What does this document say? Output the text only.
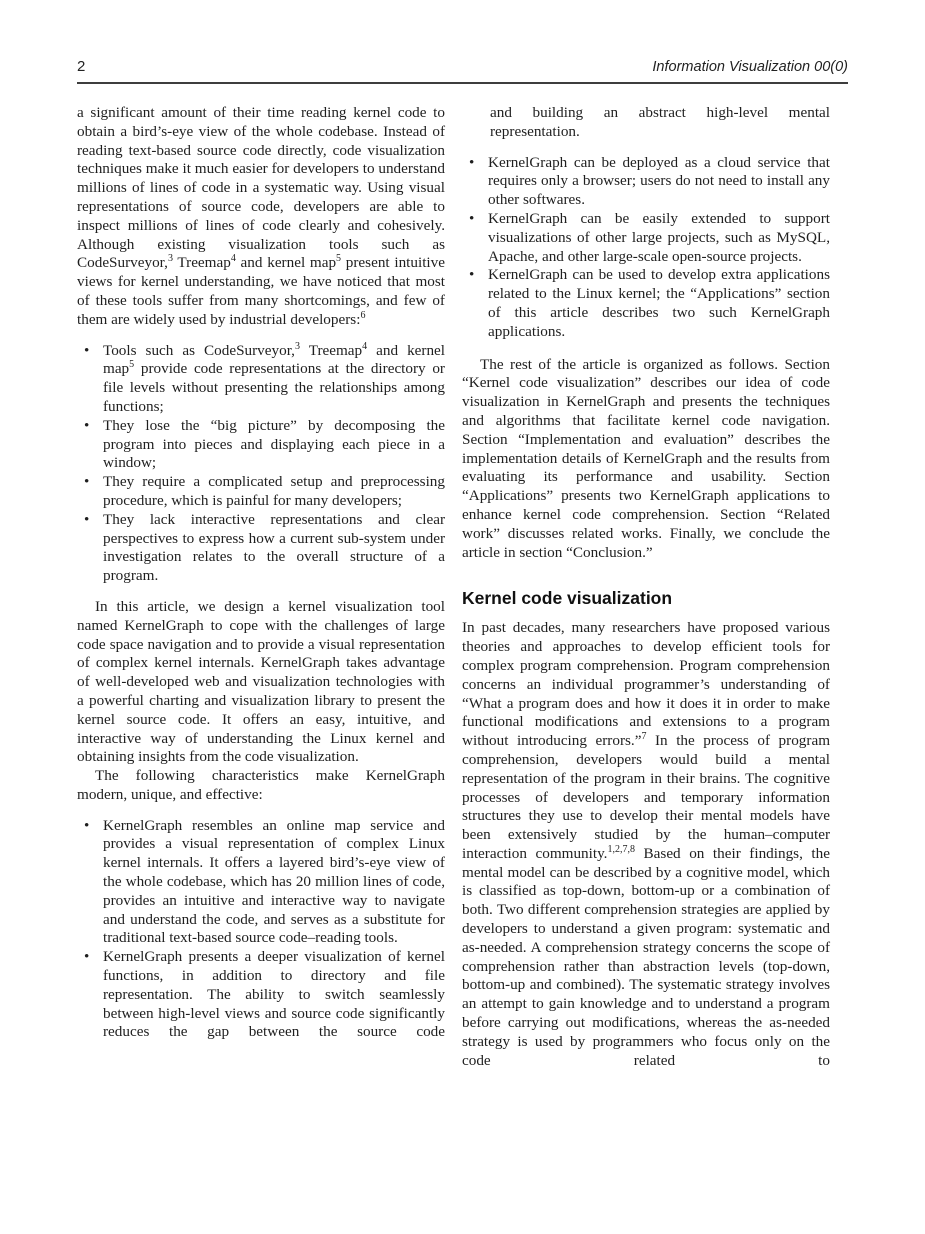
2	Information Visualization 00(0)

a significant amount of their time reading kernel code to obtain a bird’s-eye view of the whole codebase. Instead of reading text-based source code directly, code visualization techniques make it much easier for developers to understand millions of lines of code in a systematic way. Using visual representations of source code, developers are able to inspect millions of lines of code clearly and cohesively. Although existing visualization tools such as CodeSurveyor,$^3$ Treemap$^4$ and kernel map$^5$ present intuitive views for kernel understanding, we have noticed that most of these tools suffer from many shortcomings, and few of them are widely used by industrial developers:$^6$

• Tools such as CodeSurveyor,$^3$ Treemap$^4$ and kernel map$^5$ provide code representations at the directory or file levels without presenting the relationships among functions;
• They lose the “big picture” by decomposing the program into pieces and displaying each piece in a window;
• They require a complicated setup and preprocessing procedure, which is painful for many developers;
• They lack interactive representations and clear perspectives to express how a current sub-system under investigation relates to the overall structure of a program.

In this article, we design a kernel visualization tool named KernelGraph to cope with the challenges of large code space navigation and to provide a visual representation of complex kernel internals. KernelGraph takes advantage of well-developed web and visualization technologies with a powerful charting and visualization library to present the kernel source code. It offers an easy, intuitive, and interactive way of understanding the Linux kernel and obtaining insights from the code visualization.

The following characteristics make KernelGraph modern, unique, and effective:

• KernelGraph resembles an online map service and provides a visual representation of complex Linux kernel internals. It offers a layered bird’s-eye view of the whole codebase, which has 20 million lines of code, provides an intuitive and interactive way to navigate and understand the code, and serves as a substitute for traditional text-based source code–reading tools.
• KernelGraph presents a deeper visualization of kernel functions, in addition to directory and file representation. The ability to switch seamlessly between high-level views and source code significantly reduces the gap between the source code

and building an abstract high-level mental representation.

• KernelGraph can be deployed as a cloud service that requires only a browser; users do not need to install any other softwares.
• KernelGraph can be easily extended to support visualizations of other large projects, such as MySQL, Apache, and other large-scale open-source projects.
• KernelGraph can be used to develop extra applications related to the Linux kernel; the “Applications” section of this article describes two such KernelGraph applications.

The rest of the article is organized as follows. Section “Kernel code visualization” describes our idea of code visualization in KernelGraph and presents the techniques and algorithms that facilitate kernel code navigation. Section “Implementation and evaluation” describes the implementation details of KernelGraph and the results from evaluating its performance and usability. Section “Applications” presents two KernelGraph applications to enhance kernel code comprehension. Section “Related work” discusses related works. Finally, we conclude the article in section “Conclusion.”

Kernel code visualization

In past decades, many researchers have proposed various theories and approaches to develop efficient tools for complex program comprehension. Program comprehension concerns an individual programmer’s understanding of “What a program does and how it does it in order to make functional modifications and extensions to a program without introducing errors.”$^7$ In the process of program comprehension, developers would build a mental representation of the program in their brains. The cognitive processes of developers and temporary information structures they use to develop their mental models have been extensively studied by the human–computer interaction community.$^{1,2,7,8}$ Based on their findings, the mental model can be described by a cognitive model, which is classified as top-down, bottom-up or a combination of both. Two different comprehension strategies are applied by developers to understand a given program: systematic and as-needed. A comprehension strategy concerns the scope of comprehension rather than abstraction levels (top-down, bottom-up and combined). The systematic strategy involves an attempt to gain knowledge and to understand a program before carrying out modifications, whereas the as-needed strategy is used by programmers who focus only on the code related to
